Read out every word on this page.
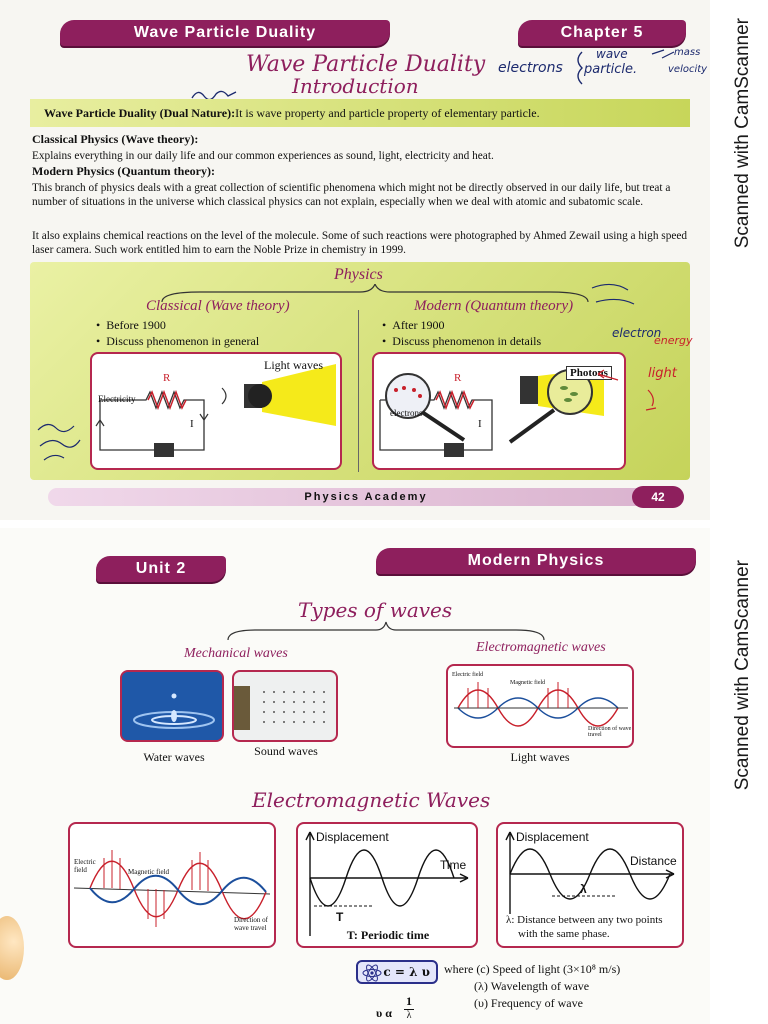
Wave Particle Duality	Chapter 5
Wave Particle Duality
Introduction
electrons
wave
particle.
mass
velocity
Wave Particle Duality (Dual Nature): It is wave property and particle property of elementary particle.
Classical Physics (Wave theory):
Explains everything in our daily life and our common experiences as sound, light, electricity and heat.
Modern Physics (Quantum theory):
This branch of physics deals with a great collection of scientific phenomena which might not be directly observed in our daily life, but treat a number of situations in the universe which classical physics can not explain, especially when we deal with atomic and subatomic scale.
It also explains chemical reactions on the level of the molecule. Some of such reactions were photographed by Ahmed Zewail using a high speed laser camera. Such work entitled him to earn the Noble Prize in chemistry in 1999.
Physics
Classical (Wave theory)
•  Before 1900
•  Discuss phenomenon in general
Modern (Quantum theory)
•  After 1900
•  Discuss phenomenon in details
R
Electricity
I
Light waves
R
electrons
I
Photons
electron
energy
light
Physics Academy	42
Scanned with CamScanner
Unit 2	Modern Physics
Types of waves
Mechanical waves	Electromagnetic waves
Water waves	Sound waves
Electric field
Magnetic field
Direction of wave travel
Light waves
Electromagnetic Waves
Electric field	Magnetic field
Direction of wave travel
Displacement
Time
T
T: Periodic time
Displacement
Distance
λ
λ: Distance between any two points
with the same phase.
c = λ υ where (c) Speed of light (3×10⁸ m/s)
(λ) Wavelength of wave
(υ) Frequency of wave
υ α
1
λ
Scanned with CamScanner
